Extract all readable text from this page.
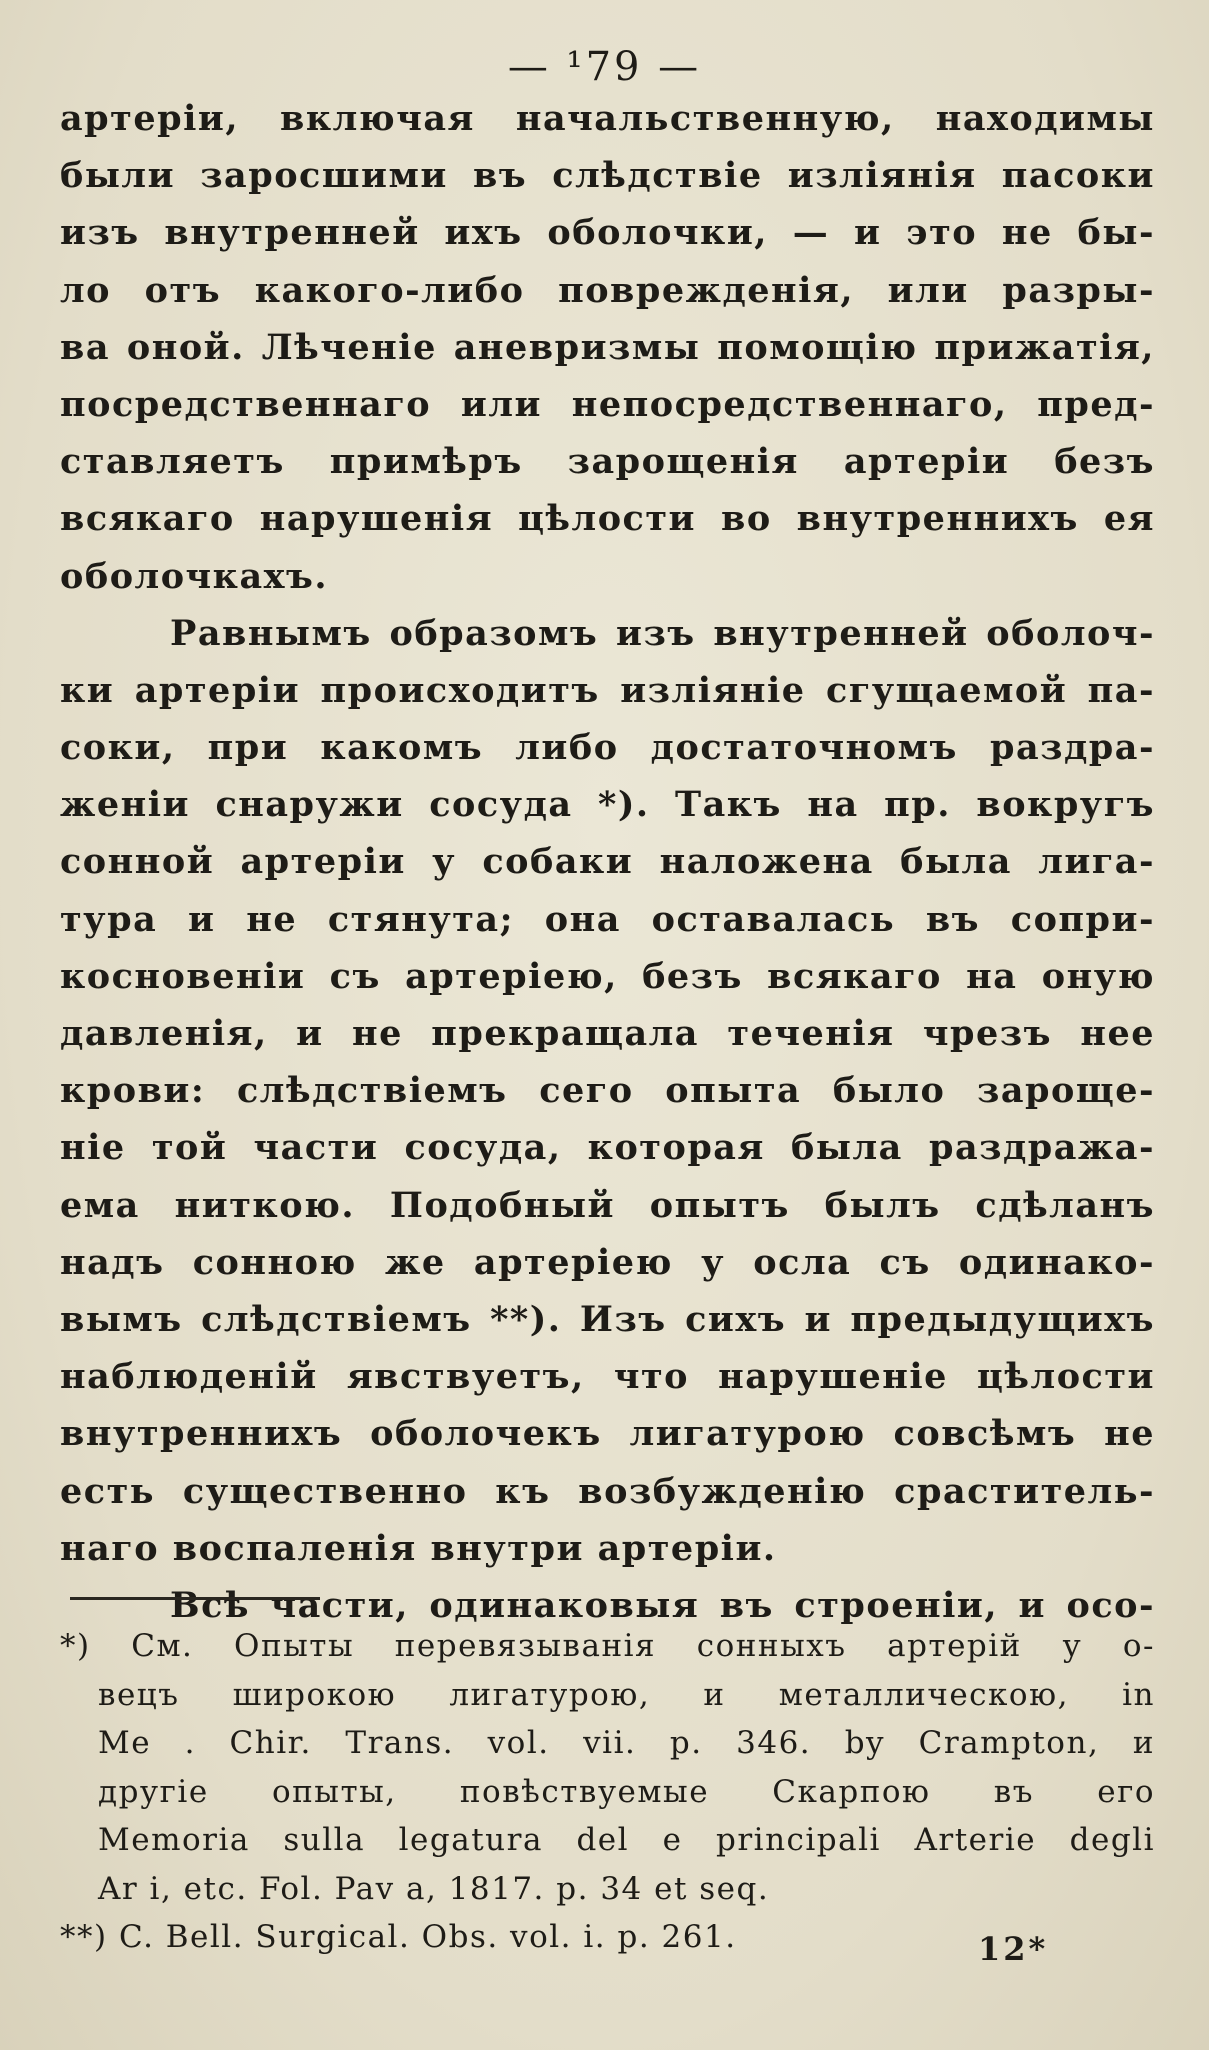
— ¹79 —
артеріи, включая начальственную, находимы
были заросшими въ слѣдствіе изліянія пасоки
изъ внутренней ихъ оболочки, — и это не бы-
ло отъ какого-либо поврежденія, или разры-
ва оной. Лѣченіе аневризмы помощію прижатія,
посредственнаго или непосредственнаго, пред-
ставляетъ примѣръ зарощенія артеріи безъ
всякаго нарушенія цѣлости во внутреннихъ ея
оболочкахъ.
Равнымъ образомъ изъ внутренней оболоч-
ки артеріи происходитъ изліяніе сгущаемой па-
соки, при какомъ либо достаточномъ раздра-
женіи снаружи сосуда *). Такъ на пр. вокругъ
сонной артеріи у собаки наложена была лига-
тура и не стянута; она оставалась въ сопри-
косновеніи съ артеріею, безъ всякаго на оную
давленія, и не прекращала теченія чрезъ нее
крови: слѣдствіемъ сего опыта было зароще-
ніе той части сосуда, которая была раздража-
ема ниткою. Подобный опытъ былъ сдѣланъ
надъ сонною же артеріею у осла съ одинако-
вымъ слѣдствіемъ **). Изъ сихъ и предыдущихъ
наблюденій явствуетъ, что нарушеніе цѣлости
внутреннихъ оболочекъ лигатурою совсѣмъ не
есть существенно къ возбужденію сраститель-
наго воспаленія внутри артеріи.
Всѣ части, одинаковыя въ строеніи, и осо-
*) См. Опыты перевязыванія сонныхъ артерій у о-
вецъ широкою лигатурою, и металлическою, in
Me . Chir. Trans. vol. vii. p. 346. by Crampton, и
другіе опыты, повѣствуемые Скарпою въ его
Memoria sulla legatura del e principali Arterie degli
Ar i, etc. Fol. Pav a, 1817. p. 34 et seq.
**) C. Bell. Surgical. Obs. vol. i. p. 261.	12*
